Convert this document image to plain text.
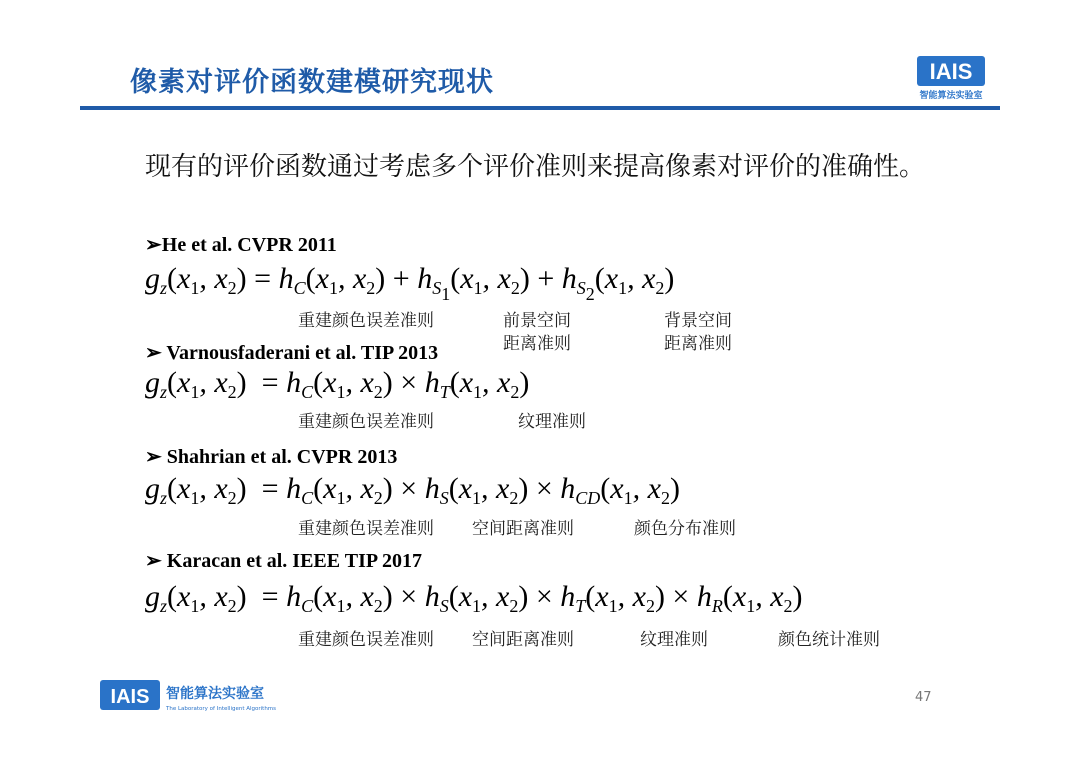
像素对评价函数建模研究现状	IAIS
智能算法实验室
现有的评价函数通过考虑多个评价准则来提高像素对评价的准确性。
➢He et al. CVPR 2011
$g_z(x_1$, $x_2) = h_C(x_1$, $x_2) + h_{S_1}(x_1$, $x_2) + h_{S_2}(x_1$, $x_2$)
重建颜色误差准则	前景空间
距离准则
背景空间
距离准则
➢ Varnousfaderani et al. TIP 2013
$g_z(x_1$, $x_2) = h_C(x_1$, $x_2) \times h_T(x_1$, $x_2$)
重建颜色误差准则	纹理准则
➢ Shahrian et al. CVPR 2013
$g_z(x_1$, $x_2) = h_C(x_1$, $x_2) \times h_S(x_1$, $x_2) \times h_{CD}(x_1$, $x_2$)
重建颜色误差准则 空间距离准则	颜色分布准则
➢ Karacan et al. IEEE TIP 2017
$g_z(x_1$, $x_2) = h_C(x_1$, $x_2) \times h_S(x_1$, $x_2) \times h_T(x_1$, $x_2) \times h_R(x_1$, $x_2$)
重建颜色误差准则 空间距离准则	纹理准则	颜色统计准则
IAIS 智能算法实验室
The Laboratory of Intelligent Algorithms
47
